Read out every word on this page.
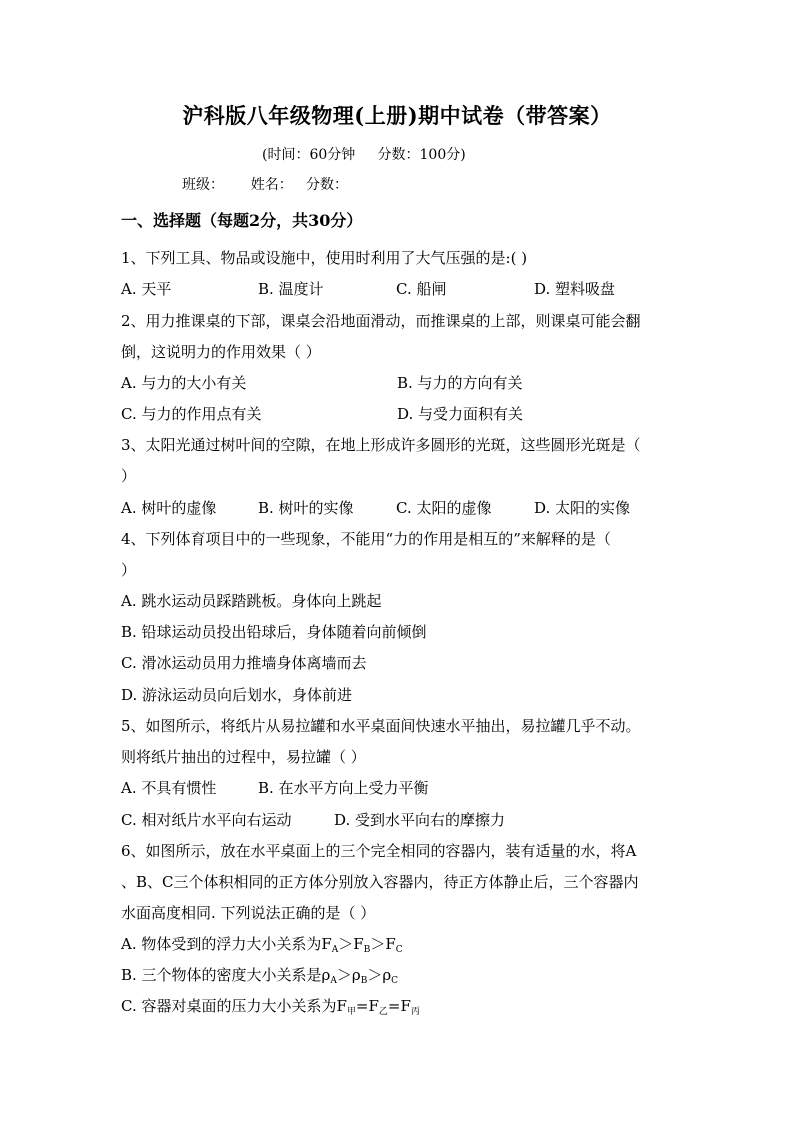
沪科版八年级物理(上册)期中试卷（带答案）
(时间：60分钟     分数：100分)
班级：      姓名：   分数：
一、选择题（每题2分，共30分）
1、下列工具、物品或设施中，使用时利用了大气压强的是:( )
A. 天平	B. 温度计	C. 船闸	D. 塑料吸盘
2、用力推课桌的下部，课桌会沿地面滑动，而推课桌的上部，则课桌可能会翻
倒，这说明力的作用效果（ ）
A. 与力的大小有关	B. 与力的方向有关
C. 与力的作用点有关	D. 与受力面积有关
3、太阳光通过树叶间的空隙，在地上形成许多圆形的光斑，这些圆形光斑是（
）
A. 树叶的虚像	B. 树叶的实像	C. 太阳的虚像	D. 太阳的实像
4、下列体育项目中的一些现象，不能用“力的作用是相互的”来解释的是（
）
A. 跳水运动员踩踏跳板。身体向上跳起
B. 铅球运动员投出铅球后，身体随着向前倾倒
C. 滑冰运动员用力推墙身体离墙而去
D. 游泳运动员向后划水，身体前进
5、如图所示，将纸片从易拉罐和水平桌面间快速水平抽出，易拉罐几乎不动。
则将纸片抽出的过程中，易拉罐（ ）
A. 不具有惯性	B. 在水平方向上受力平衡
C. 相对纸片水平向右运动	D. 受到水平向右的摩擦力
6、如图所示，放在水平桌面上的三个完全相同的容器内，装有适量的水，将A
、B、C三个体积相同的正方体分别放入容器内，待正方体静止后，三个容器内
水面高度相同. 下列说法正确的是（ ）
A. 物体受到的浮力大小关系为$F_A>F_B>F_C$
B. 三个物体的密度大小关系是$\rho_A>\rho_B>\rho_C$
C. 容器对桌面的压力大小关系为$F_甲=F_乙=F_丙$
